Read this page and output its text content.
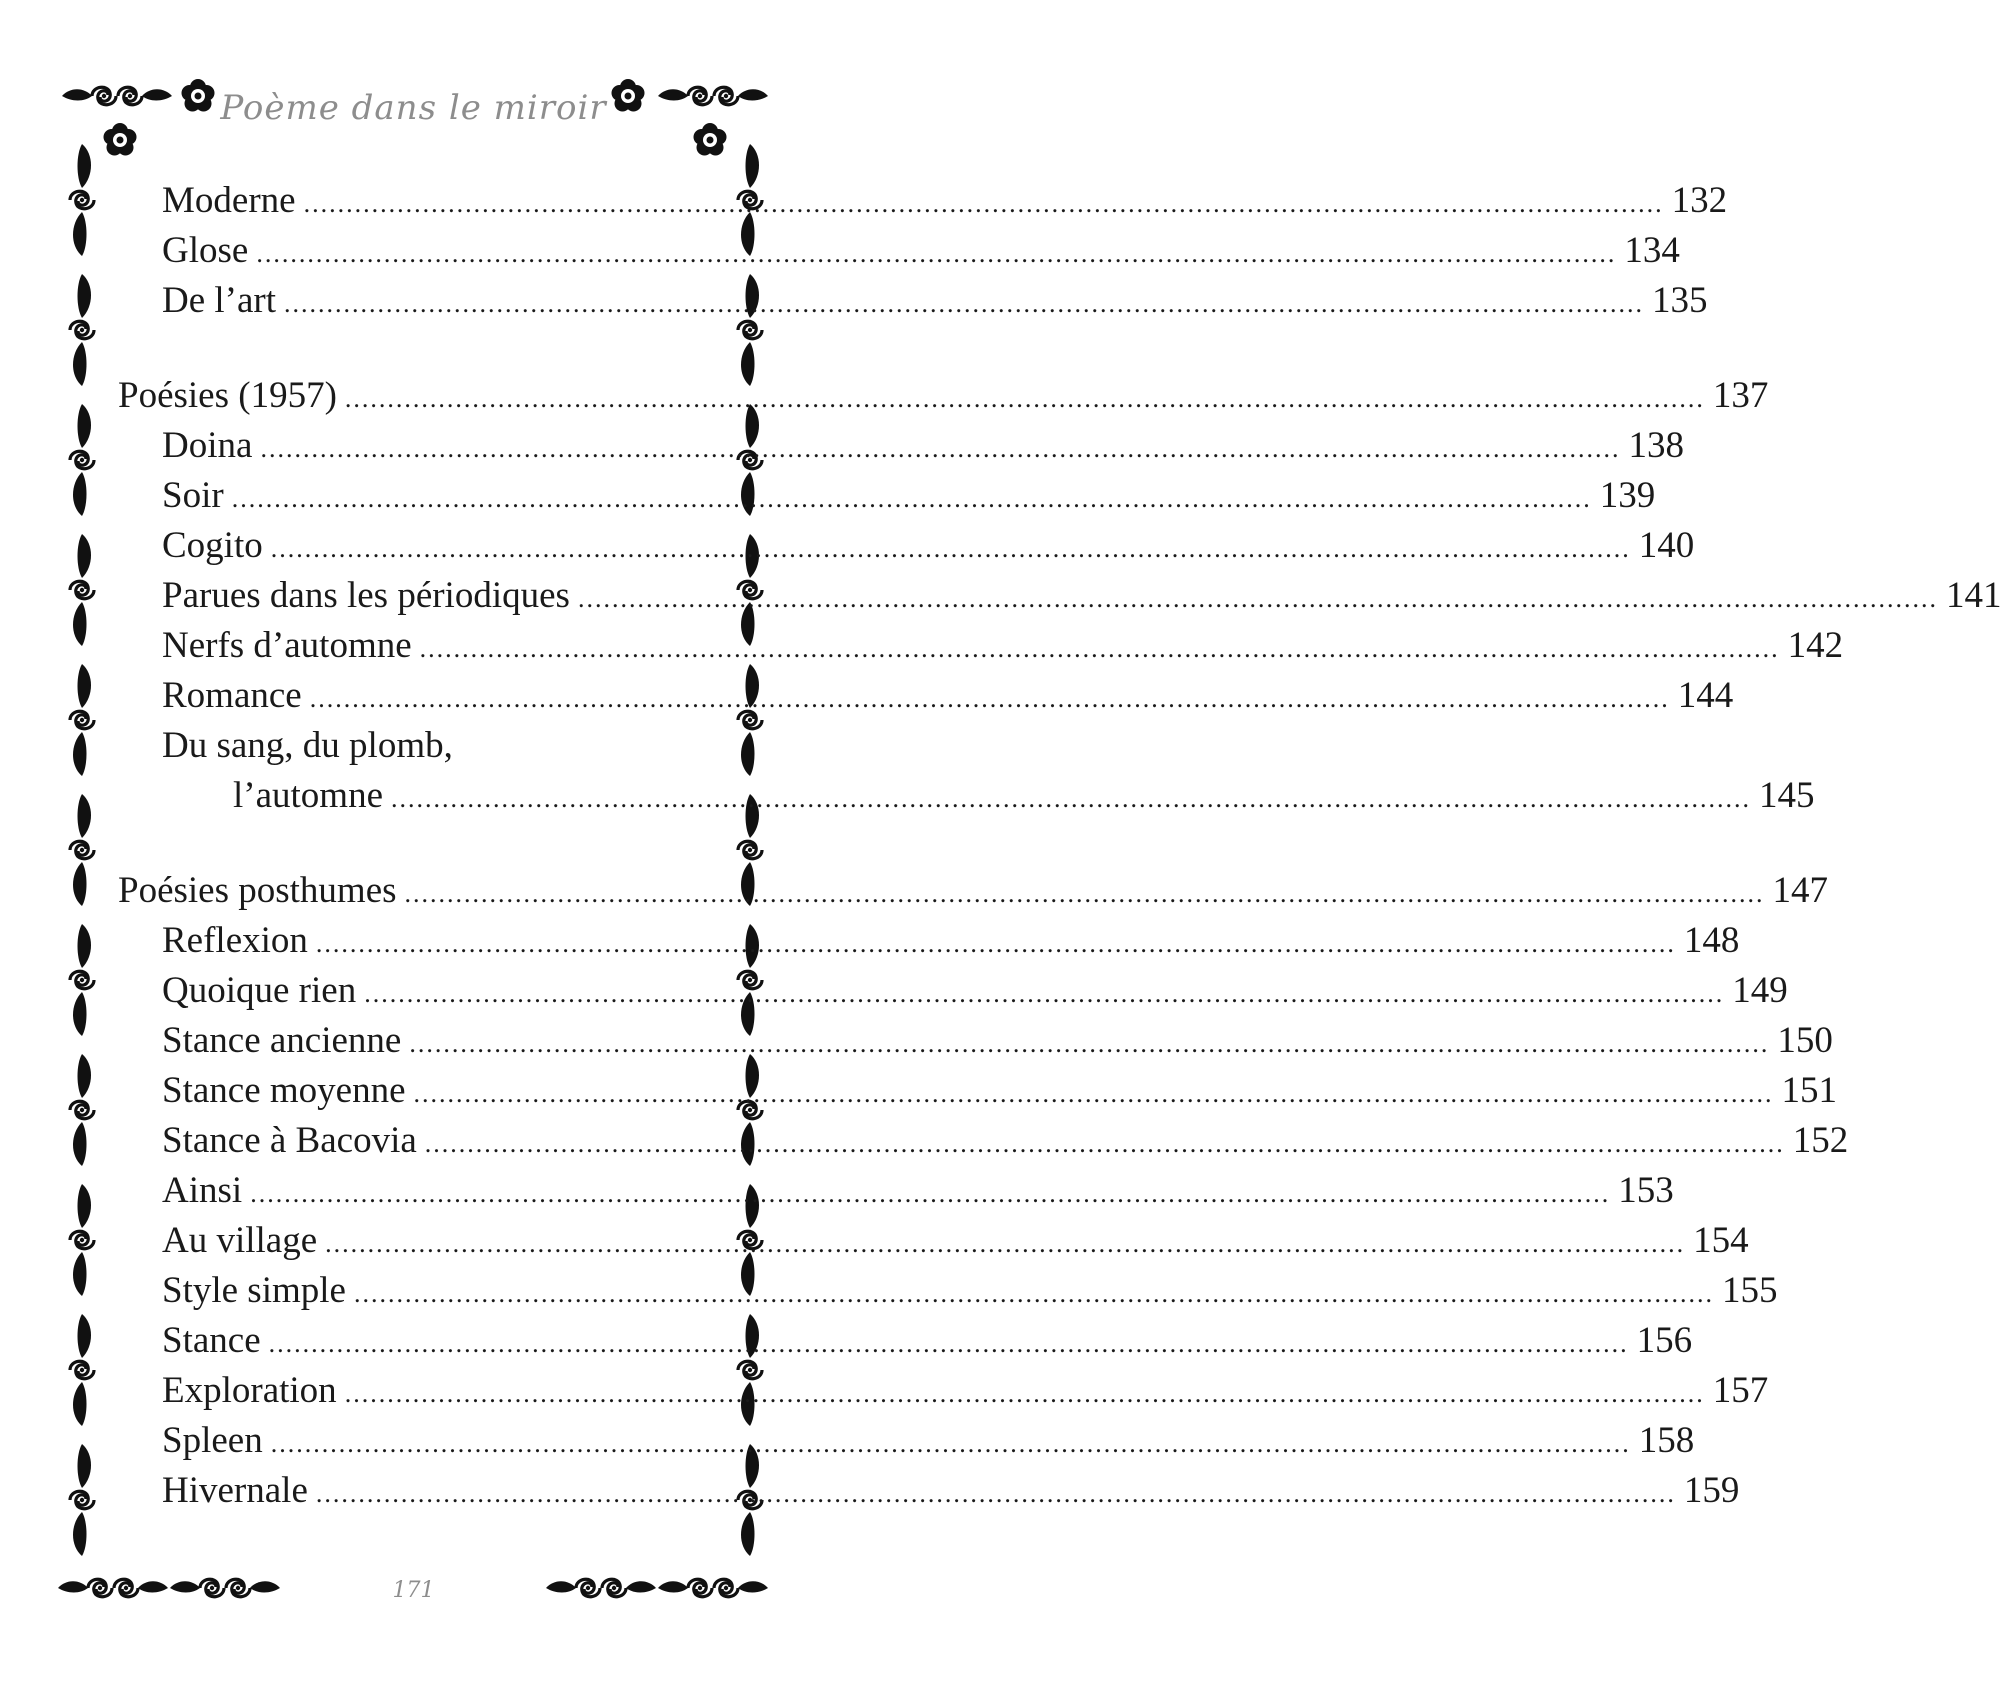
Poème dans le miroir
Moderne ................................................................................................................................................................ 132
Glose ................................................................................................................................................................ 134
De l’art ................................................................................................................................................................ 135
Poésies (1957) ................................................................................................................................................................ 137
Doina ................................................................................................................................................................ 138
Soir ................................................................................................................................................................ 139
Cogito ................................................................................................................................................................ 140
Parues dans les périodiques ................................................................................................................................................................ 141
Nerfs d’automne ................................................................................................................................................................ 142
Romance ................................................................................................................................................................ 144
Du sang, du plomb,
l’automne ................................................................................................................................................................ 145
Poésies posthumes ................................................................................................................................................................ 147
Reflexion ................................................................................................................................................................ 148
Quoique rien ................................................................................................................................................................ 149
Stance ancienne ................................................................................................................................................................ 150
Stance moyenne ................................................................................................................................................................ 151
Stance à Bacovia ................................................................................................................................................................ 152
Ainsi ................................................................................................................................................................ 153
Au village ................................................................................................................................................................ 154
Style simple ................................................................................................................................................................ 155
Stance ................................................................................................................................................................ 156
Exploration ................................................................................................................................................................ 157
Spleen ................................................................................................................................................................ 158
Hivernale ................................................................................................................................................................ 159
171
